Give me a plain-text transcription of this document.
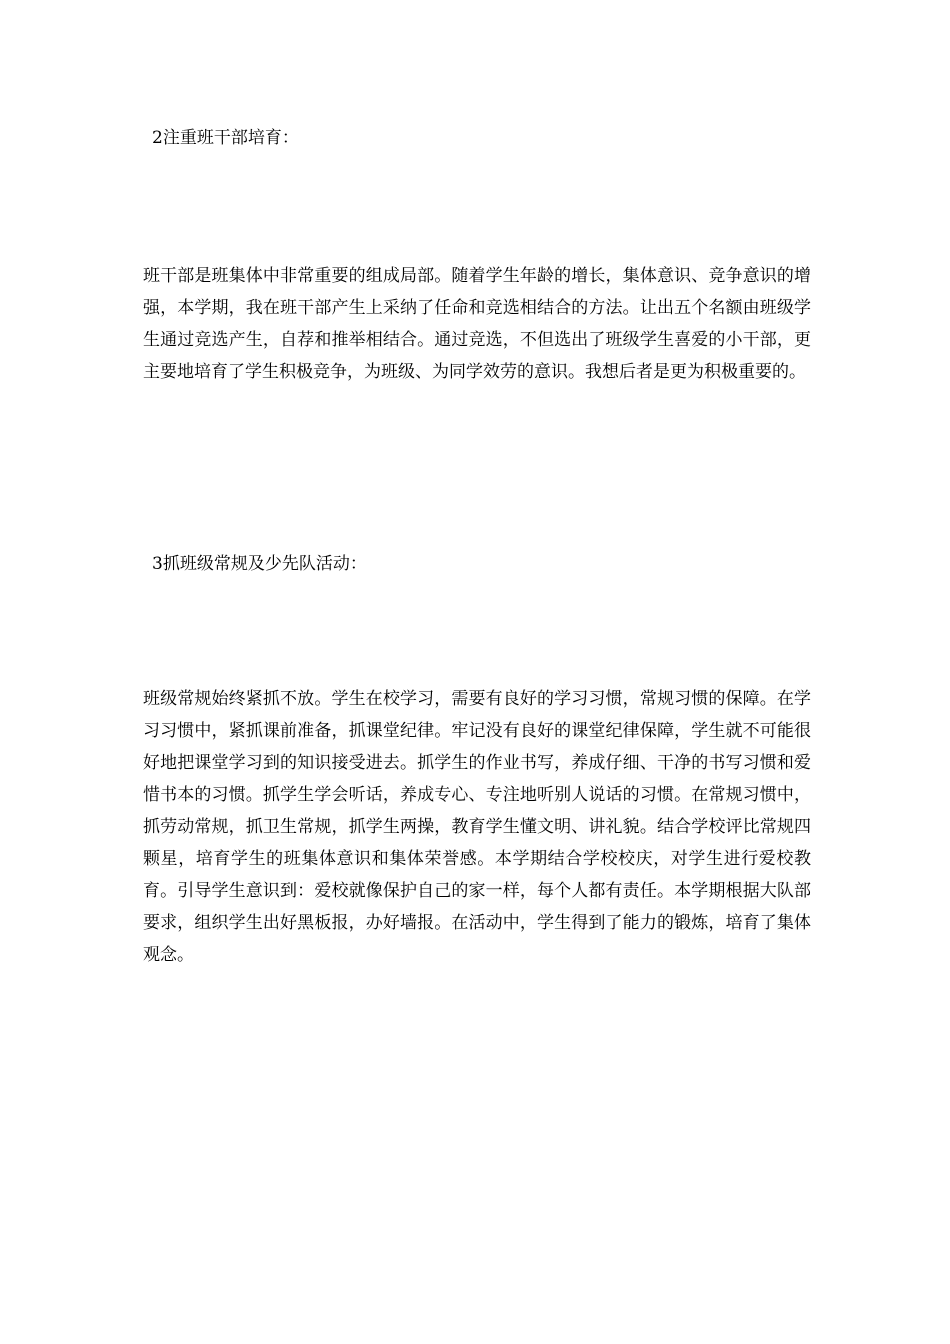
2注重班干部培育：

班干部是班集体中非常重要的组成局部。随着学生年龄的增长，集体意识、竞争意识的增强，本学期，我在班干部产生上采纳了任命和竞选相结合的方法。让出五个名额由班级学生通过竞选产生，自荐和推举相结合。通过竞选，不但选出了班级学生喜爱的小干部，更主要地培育了学生积极竞争，为班级、为同学效劳的意识。我想后者是更为积极重要的。

3抓班级常规及少先队活动：

班级常规始终紧抓不放。学生在校学习，需要有良好的学习习惯，常规习惯的保障。在学习习惯中，紧抓课前准备，抓课堂纪律。牢记没有良好的课堂纪律保障，学生就不可能很好地把课堂学习到的知识接受进去。抓学生的作业书写，养成仔细、干净的书写习惯和爱惜书本的习惯。抓学生学会听话，养成专心、专注地听别人说话的习惯。在常规习惯中，抓劳动常规，抓卫生常规，抓学生两操，教育学生懂文明、讲礼貌。结合学校评比常规四颗星，培育学生的班集体意识和集体荣誉感。本学期结合学校校庆，对学生进行爱校教育。引导学生意识到：爱校就像保护自己的家一样，每个人都有责任。本学期根据大队部要求，组织学生出好黑板报，办好墙报。在活动中，学生得到了能力的锻炼，培育了集体观念。
